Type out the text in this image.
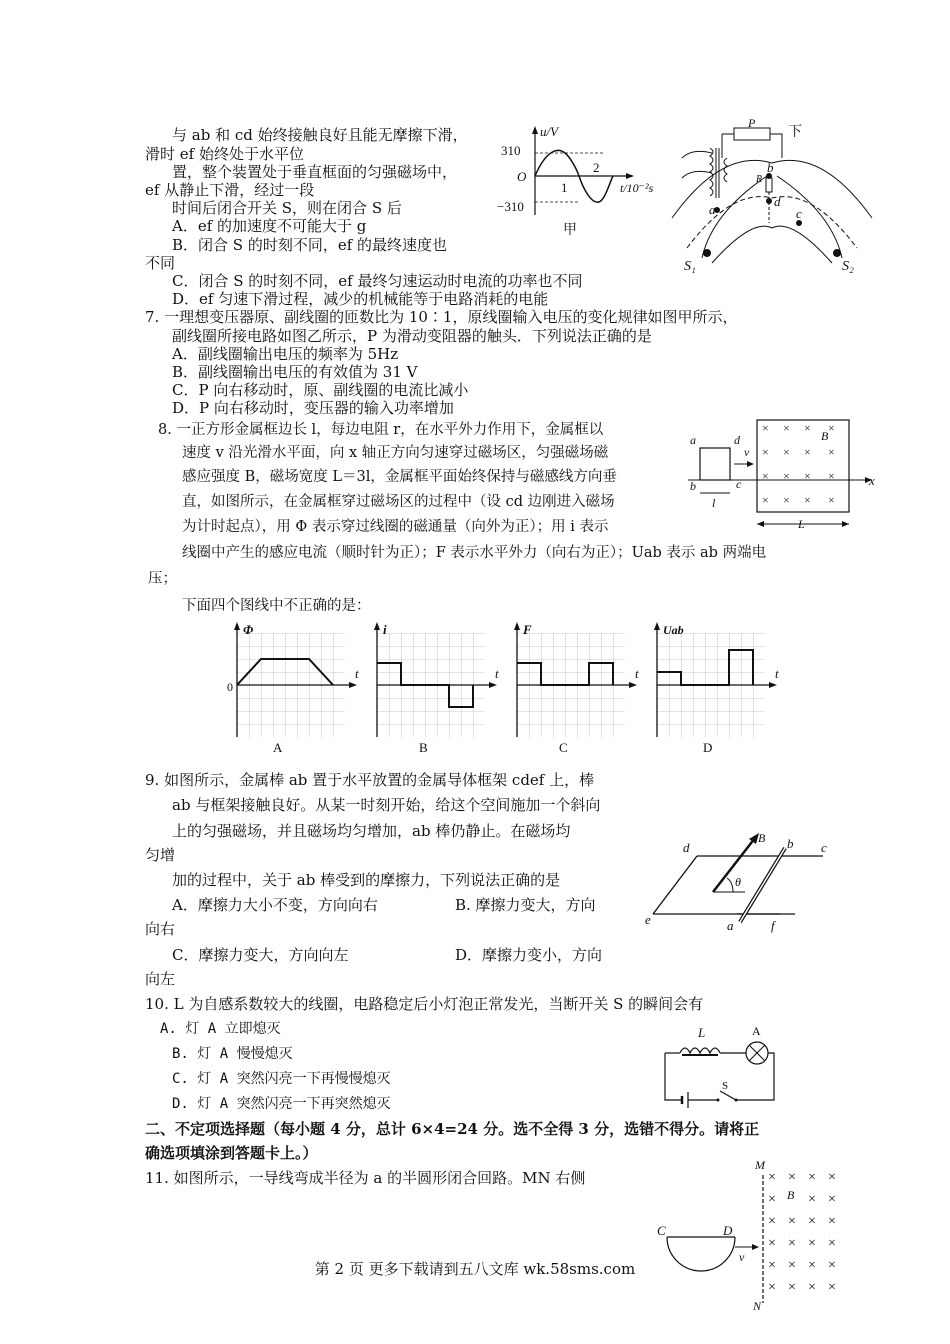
与 ab 和 cd 始终接触良好且能无摩擦下滑，
滑时 ef 始终处于水平位
置，整个装置处于垂直框面的匀强磁场中，
ef 从静止下滑，经过一段
时间后闭合开关 S，则在闭合 S 后
A．ef 的加速度不可能大于 g
B．闭合 S 的时刻不同，ef 的最终速度也
不同
C．闭合 S 的时刻不同，ef 最终匀速运动时电流的功率也不同
D．ef 匀速下滑过程，减少的机械能等于电路消耗的电能
u/V
310
−310
O
1
2
t/10⁻²s
甲
下
P
b
R
d
a	c
S₁	S₂
7. 一理想变压器原、副线圈的匝数比为 10∶1，原线圈输入电压的变化规律如图甲所示，
副线圈所接电路如图乙所示，P 为滑动变阻器的触头．下列说法正确的是
A．副线圈输出电压的频率为 5Hz
B．副线圈输出电压的有效值为 31 V
C．P 向右移动时，原、副线圈的电流比减小
D．P 向右移动时，变压器的输入功率增加
8. 一正方形金属框边长 l，每边电阻 r，在水平外力作用下，金属框以
速度 v 沿光滑水平面，向 x 轴正方向匀速穿过磁场区，匀强磁场磁
感应强度 B，磁场宽度 L＝3l，金属框平面始终保持与磁感线方向垂
直，如图所示，在金属框穿过磁场区的过程中（设 cd 边刚进入磁场
为计时起点），用 Φ 表示穿过线圈的磁通量（向外为正）；用 i 表示
线圈中产生的感应电流（顺时针为正）；F 表示水平外力（向右为正）；Uab 表示 ab 两端电
压；
下面四个图线中不正确的是：
a	d
b	c
v
x
l
× × × ×
× × × ×
× × × ×
× × × ×
B
L
Φ
0
t
A
i
t
B
F
t
C
Uab
t
D
9. 如图所示，金属棒 ab 置于水平放置的金属导体框架 cdef 上，棒
ab 与框架接触良好。从某一时刻开始，给这个空间施加一个斜向
上的匀强磁场，并且磁场均匀增加，ab 棒仍静止。在磁场均
匀增
加的过程中，关于 ab 棒受到的摩擦力，下列说法正确的是
A．摩擦力大小不变，方向向右	B. 摩擦力变大，方向
向右
C．摩擦力变大，方向向左	D．摩擦力变小，方向
向左
B b c
d
θ
e	a	f
10. L 为自感系数较大的线圈，电路稳定后小灯泡正常发光，当断开关 S 的瞬间会有
A. 灯 A 立即熄灭
B. 灯 A 慢慢熄灭
C. 灯 A 突然闪亮一下再慢慢熄灭
D. 灯 A 突然闪亮一下再突然熄灭
L	A
S
二、不定项选择题（每小题 4 分，总计 6×4=24 分。选不全得 3 分，选错不得分。请将正
确选项填涂到答题卡上。）
11. 如图所示，一导线弯成半径为 a 的半圆形闭合回路。MN 右侧
M
N
× × × ×
× × ×
× × × ×
× × × ×
× × × ×
× × × ×
B
C	D
v
第 2 页 更多下载请到五八文库 wk.58sms.com
